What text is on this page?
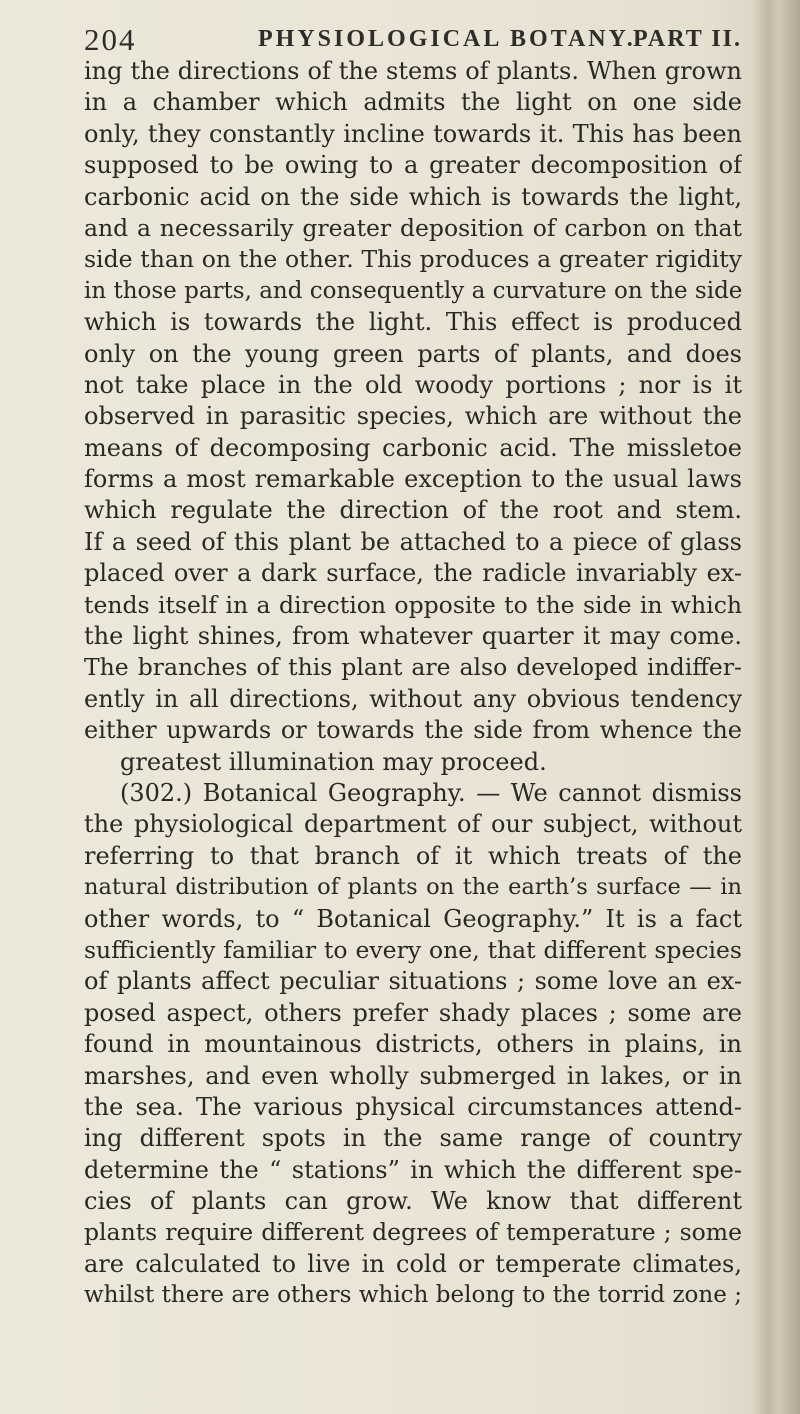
204	PHYSIOLOGICAL BOTANY.
PART II.
ing the directions of the stems of plants. When grown
in a chamber which admits the light on one side
only, they constantly incline towards it. This has been
supposed to be owing to a greater decomposition of
carbonic acid on the side which is towards the light,
and a necessarily greater deposition of carbon on that
side than on the other. This produces a greater rigidity
in those parts, and consequently a curvature on the side
which is towards the light. This effect is produced
only on the young green parts of plants, and does
not take place in the old woody portions ; nor is it
observed in parasitic species, which are without the
means of decomposing carbonic acid. The missletoe
forms a most remarkable exception to the usual laws
which regulate the direction of the root and stem.
If a seed of this plant be attached to a piece of glass
placed over a dark surface, the radicle invariably ex-
tends itself in a direction opposite to the side in which
the light shines, from whatever quarter it may come.
The branches of this plant are also developed indiffer-
ently in all directions, without any obvious tendency
either upwards or towards the side from whence the
greatest illumination may proceed.
(302.) Botanical Geography. — We cannot dismiss
the physiological department of our subject, without
referring to that branch of it which treats of the
natural distribution of plants on the earth’s surface — in
other words, to “ Botanical Geography.” It is a fact
sufficiently familiar to every one, that different species
of plants affect peculiar situations ; some love an ex-
posed aspect, others prefer shady places ; some are
found in mountainous districts, others in plains, in
marshes, and even wholly submerged in lakes, or in
the sea. The various physical circumstances attend-
ing different spots in the same range of country
determine the “ stations” in which the different spe-
cies of plants can grow. We know that different
plants require different degrees of temperature ; some
are calculated to live in cold or temperate climates,
whilst there are others which belong to the torrid zone ;
